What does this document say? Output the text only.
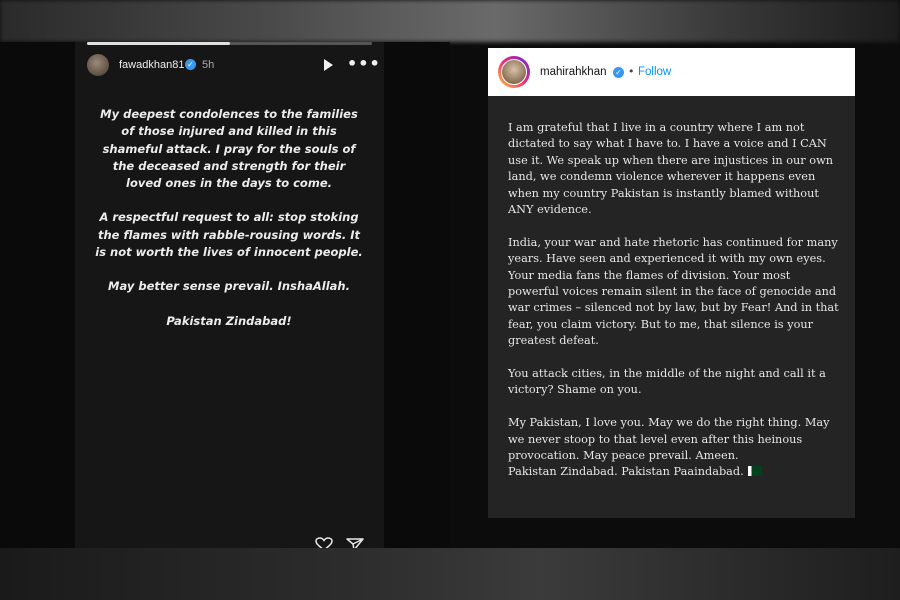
fawadkhan81 ✓ 5h	•••

My deepest condolences to the families of those injured and killed in this shameful attack. I pray for the souls of the deceased and strength for their loved ones in the days to come.

A respectful request to all: stop stoking the flames with rabble-rousing words. It is not worth the lives of innocent people.

May better sense prevail. InshaAllah.

Pakistan Zindabad!

mahirahkhan ✓ • Follow

I am grateful that I live in a country where I am not dictated to say what I have to. I have a voice and I CAN use it. We speak up when there are injustices in our own land, we condemn violence wherever it happens even when my country Pakistan is instantly blamed without ANY evidence.

India, your war and hate rhetoric has continued for many years. Have seen and experienced it with my own eyes. Your media fans the flames of division. Your most powerful voices remain silent in the face of genocide and war crimes – silenced not by law, but by Fear! And in that fear, you claim victory. But to me, that silence is your greatest defeat.

You attack cities, in the middle of the night and call it a victory? Shame on you.

My Pakistan, I love you. May we do the right thing. May we never stoop to that level even after this heinous provocation. May peace prevail. Ameen.

Pakistan Zindabad. Pakistan Paaindabad.
